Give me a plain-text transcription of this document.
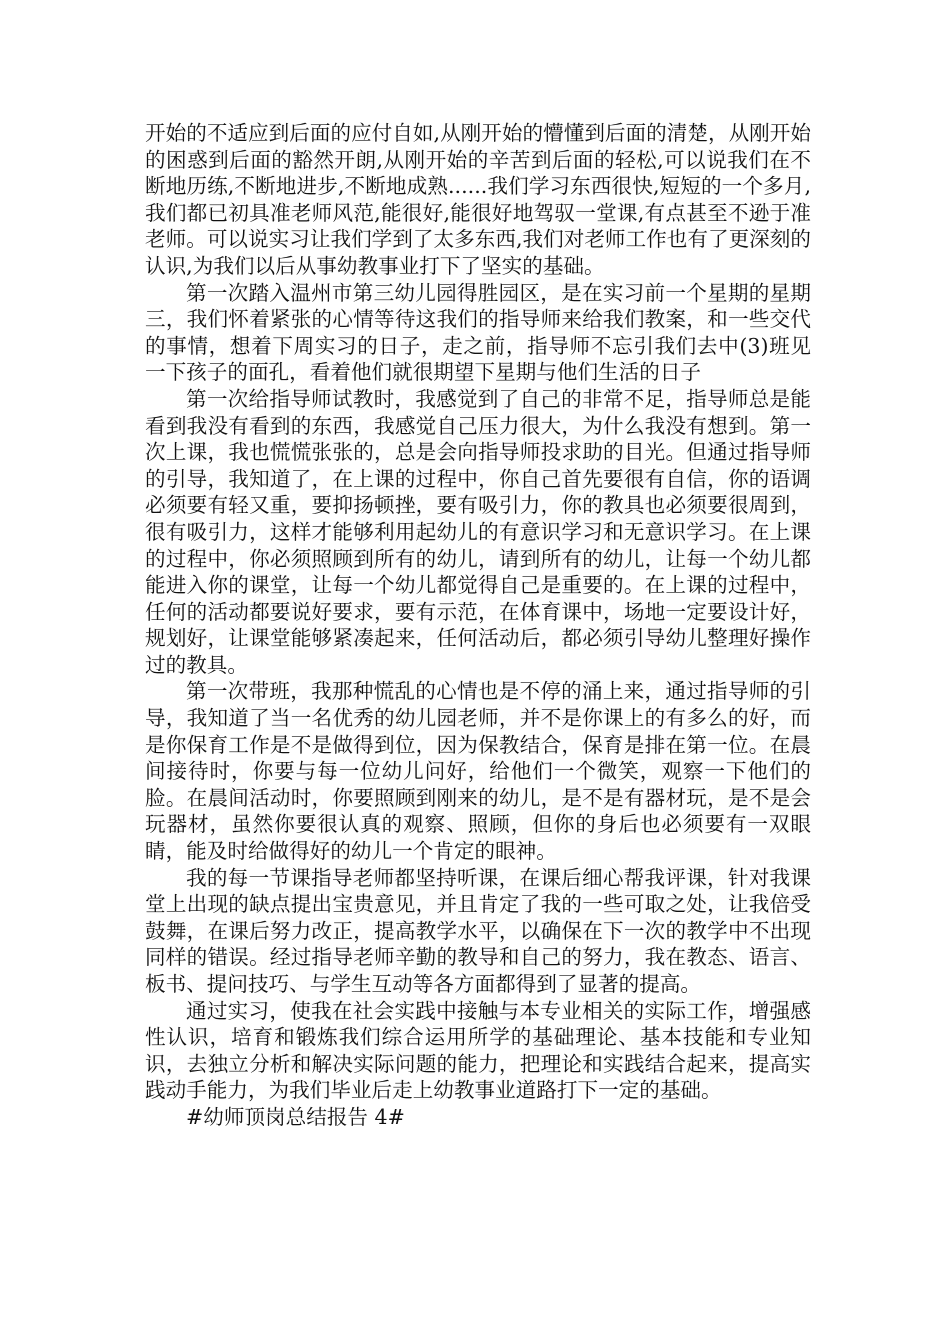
开始的不适应到后面的应付自如,从刚开始的懵懂到后面的清楚，从刚开始的困惑到后面的豁然开朗,从刚开始的辛苦到后面的轻松,可以说我们在不断地历练,不断地进步,不断地成熟......我们学习东西很快,短短的一个多月,我们都已初具准老师风范,能很好,能很好地驾驭一堂课,有点甚至不逊于准老师。可以说实习让我们学到了太多东西,我们对老师工作也有了更深刻的认识,为我们以后从事幼教事业打下了坚实的基础。

第一次踏入温州市第三幼儿园得胜园区，是在实习前一个星期的星期三，我们怀着紧张的心情等待这我们的指导师来给我们教案，和一些交代的事情，想着下周实习的日子，走之前，指导师不忘引我们去中(3)班见一下孩子的面孔，看着他们就很期望下星期与他们生活的日子

第一次给指导师试教时，我感觉到了自己的非常不足，指导师总是能看到我没有看到的东西，我感觉自己压力很大，为什么我没有想到。第一次上课，我也慌慌张张的，总是会向指导师投求助的目光。但通过指导师的引导，我知道了，在上课的过程中，你自己首先要很有自信，你的语调必须要有轻又重，要抑扬顿挫，要有吸引力，你的教具也必须要很周到，很有吸引力，这样才能够利用起幼儿的有意识学习和无意识学习。在上课的过程中，你必须照顾到所有的幼儿，请到所有的幼儿，让每一个幼儿都能进入你的课堂，让每一个幼儿都觉得自己是重要的。在上课的过程中，任何的活动都要说好要求，要有示范，在体育课中，场地一定要设计好，规划好，让课堂能够紧凑起来，任何活动后，都必须引导幼儿整理好操作过的教具。

第一次带班，我那种慌乱的心情也是不停的涌上来，通过指导师的引导，我知道了当一名优秀的幼儿园老师，并不是你课上的有多么的好，而是你保育工作是不是做得到位，因为保教结合，保育是排在第一位。在晨间接待时，你要与每一位幼儿问好，给他们一个微笑，观察一下他们的脸。在晨间活动时，你要照顾到刚来的幼儿，是不是有器材玩，是不是会玩器材，虽然你要很认真的观察、照顾，但你的身后也必须要有一双眼睛，能及时给做得好的幼儿一个肯定的眼神。

我的每一节课指导老师都坚持听课，在课后细心帮我评课，针对我课堂上出现的缺点提出宝贵意见，并且肯定了我的一些可取之处，让我倍受鼓舞，在课后努力改正，提高教学水平，以确保在下一次的教学中不出现同样的错误。经过指导老师辛勤的教导和自己的努力，我在教态、语言、板书、提问技巧、与学生互动等各方面都得到了显著的提高。

通过实习，使我在社会实践中接触与本专业相关的实际工作，增强感性认识，培育和锻炼我们综合运用所学的基础理论、基本技能和专业知识，去独立分析和解决实际问题的能力，把理论和实践结合起来，提高实践动手能力，为我们毕业后走上幼教事业道路打下一定的基础。

#幼师顶岗总结报告 4#
